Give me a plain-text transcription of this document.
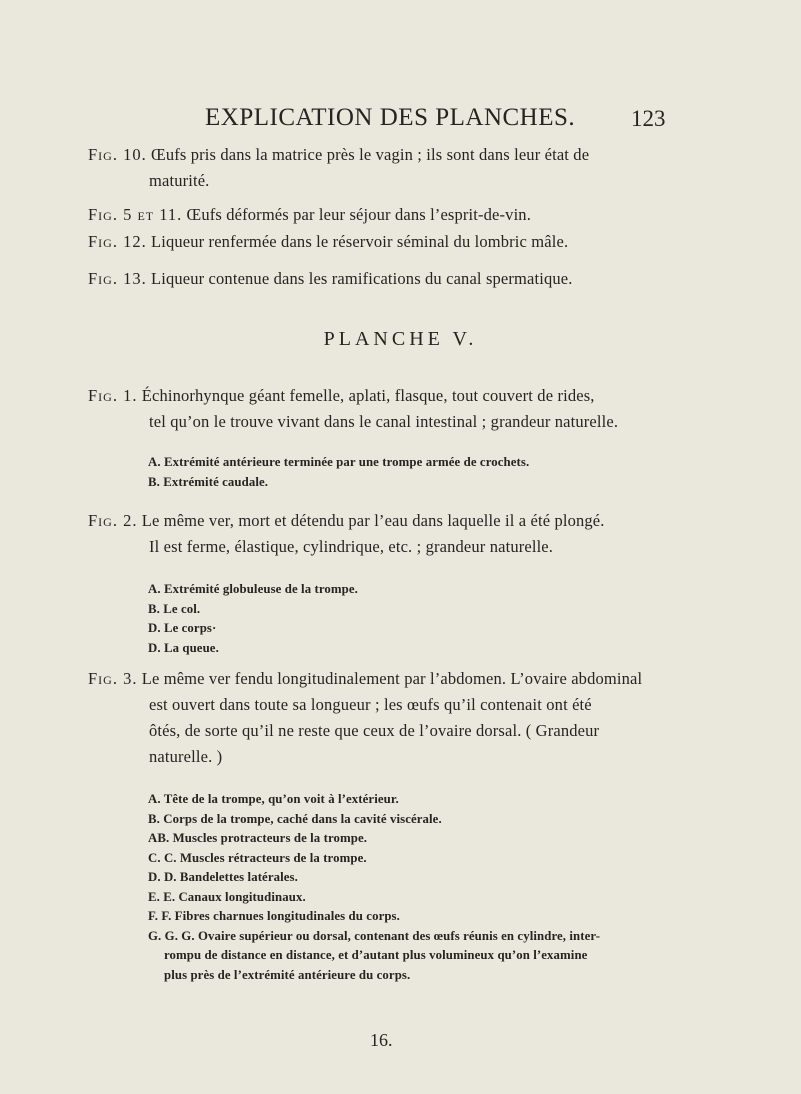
EXPLICATION DES PLANCHES. 123
Fig. 10. Œufs pris dans la matrice près le vagin ; ils sont dans leur état de
maturité.
Fig. 5 et 11. Œufs déformés par leur séjour dans l’esprit-de-vin.
Fig. 12. Liqueur renfermée dans le réservoir séminal du lombric mâle.
Fig. 13. Liqueur contenue dans les ramifications du canal spermatique.
PLANCHE V.
Fig. 1. Échinorhynque géant femelle, aplati, flasque, tout couvert de rides,
tel qu’on le trouve vivant dans le canal intestinal ; grandeur naturelle.
A. Extrémité antérieure terminée par une trompe armée de crochets.
B. Extrémité caudale.
Fig. 2. Le même ver, mort et détendu par l’eau dans laquelle il a été plongé.
Il est ferme, élastique, cylindrique, etc. ; grandeur naturelle.
A. Extrémité globuleuse de la trompe.
B. Le col.
D. Le corps·
D. La queue.
Fig. 3. Le même ver fendu longitudinalement par l’abdomen. L’ovaire abdominal
est ouvert dans toute sa longueur ; les œufs qu’il contenait ont été
ôtés, de sorte qu’il ne reste que ceux de l’ovaire dorsal. ( Grandeur
naturelle. )
A. Tête de la trompe, qu’on voit à l’extérieur.
B. Corps de la trompe, caché dans la cavité viscérale.
AB. Muscles protracteurs de la trompe.
C. C. Muscles rétracteurs de la trompe.
D. D. Bandelettes latérales.
E. E. Canaux longitudinaux.
F. F. Fibres charnues longitudinales du corps.
G. G. G. Ovaire supérieur ou dorsal, contenant des œufs réunis en cylindre, inter-
rompu de distance en distance, et d’autant plus volumineux qu’on l’examine
plus près de l’extrémité antérieure du corps.
16.
